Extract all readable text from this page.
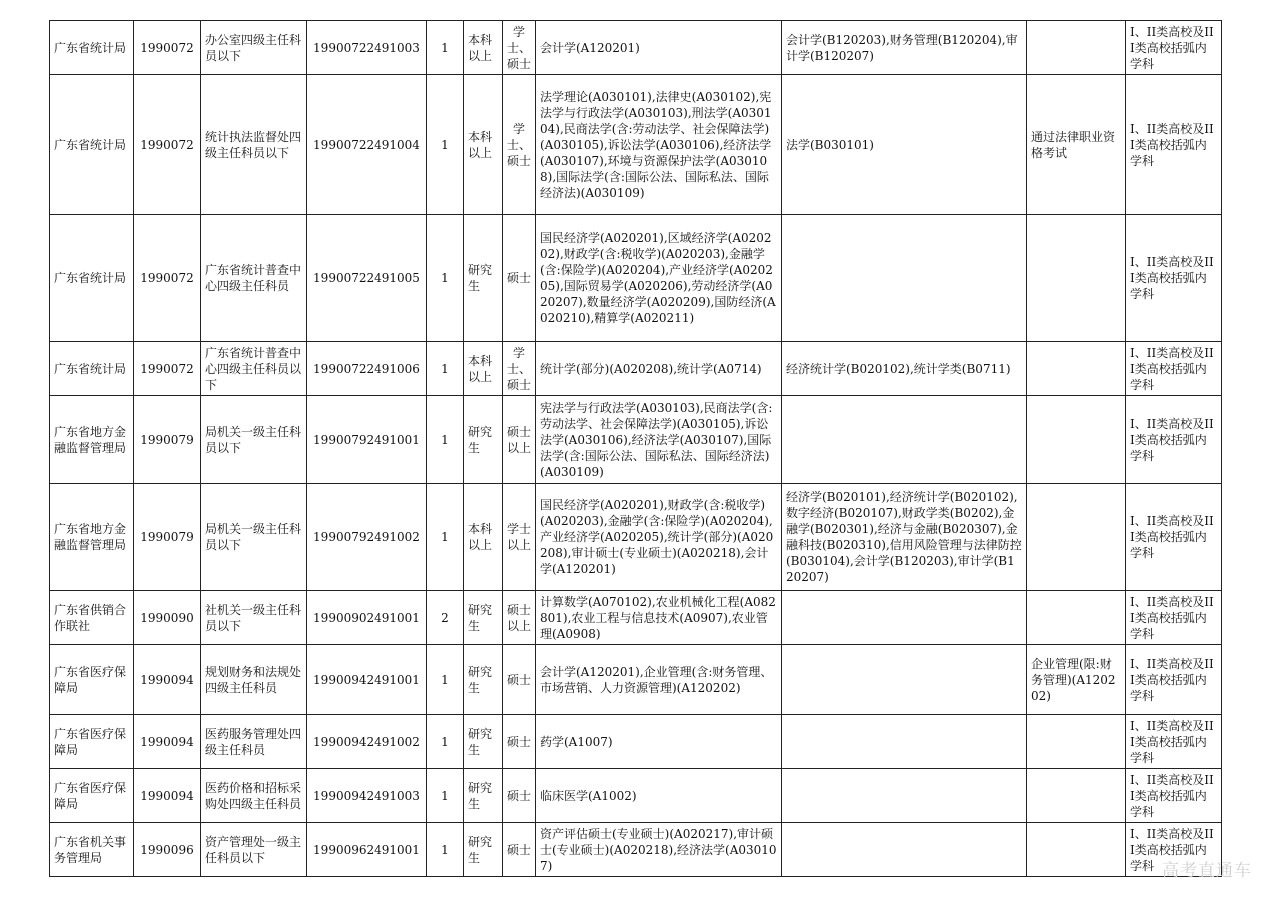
广东省统计局	1990072	办公室四级主任科员以下	19900722491003	1	本科以上	学士、硕士	会计学(A120201)	会计学(B120203),财务管理(B120204),审计学(B120207)		I、II类高校及III类高校括弧内学科
广东省统计局	1990072	统计执法监督处四级主任科员以下	19900722491004	1	本科以上	学士、硕士	法学理论(A030101),法律史(A030102),宪法学与行政法学(A030103),刑法学(A030104),民商法学(含:劳动法学、社会保障法学)(A030105),诉讼法学(A030106),经济法学(A030107),环境与资源保护法学(A030108),国际法学(含:国际公法、国际私法、国际经济法)(A030109)	法学(B030101)	通过法律职业资格考试	I、II类高校及III类高校括弧内学科
广东省统计局	1990072	广东省统计普查中心四级主任科员	19900722491005	1	研究生	硕士	国民经济学(A020201),区域经济学(A020202),财政学(含:税收学)(A020203),金融学(含:保险学)(A020204),产业经济学(A020205),国际贸易学(A020206),劳动经济学(A020207),数量经济学(A020209),国防经济(A020210),精算学(A020211)			I、II类高校及III类高校括弧内学科
广东省统计局	1990072	广东省统计普查中心四级主任科员以下	19900722491006	1	本科以上	学士、硕士	统计学(部分)(A020208),统计学(A0714)	经济统计学(B020102),统计学类(B0711)		I、II类高校及III类高校括弧内学科
广东省地方金融监督管理局	1990079	局机关一级主任科员以下	19900792491001	1	研究生	硕士以上	宪法学与行政法学(A030103),民商法学(含:劳动法学、社会保障法学)(A030105),诉讼法学(A030106),经济法学(A030107),国际法学(含:国际公法、国际私法、国际经济法)(A030109)			I、II类高校及III类高校括弧内学科
广东省地方金融监督管理局	1990079	局机关一级主任科员以下	19900792491002	1	本科以上	学士以上	国民经济学(A020201),财政学(含:税收学)(A020203),金融学(含:保险学)(A020204),产业经济学(A020205),统计学(部分)(A020208),审计硕士(专业硕士)(A020218),会计学(A120201)	经济学(B020101),经济统计学(B020102),数字经济(B020107),财政学类(B0202),金融学(B020301),经济与金融(B020307),金融科技(B020310),信用风险管理与法律防控(B030104),会计学(B120203),审计学(B120207)		I、II类高校及III类高校括弧内学科
广东省供销合作联社	1990090	社机关一级主任科员以下	19900902491001	2	研究生	硕士以上	计算数学(A070102),农业机械化工程(A082801),农业工程与信息技术(A0907),农业管理(A0908)			I、II类高校及III类高校括弧内学科
广东省医疗保障局	1990094	规划财务和法规处四级主任科员	19900942491001	1	研究生	硕士	会计学(A120201),企业管理(含:财务管理、市场营销、人力资源管理)(A120202)		企业管理(限:财务管理)(A120202)	I、II类高校及III类高校括弧内学科
广东省医疗保障局	1990094	医药服务管理处四级主任科员	19900942491002	1	研究生	硕士	药学(A1007)			I、II类高校及III类高校括弧内学科
广东省医疗保障局	1990094	医药价格和招标采购处四级主任科员	19900942491003	1	研究生	硕士	临床医学(A1002)			I、II类高校及III类高校括弧内学科
广东省机关事务管理局	1990096	资产管理处一级主任科员以下	19900962491001	1	研究生	硕士	资产评估硕士(专业硕士)(A020217),审计硕士(专业硕士)(A020218),经济法学(A030107)			I、II类高校及III类高校括弧内学科 高考直通车
